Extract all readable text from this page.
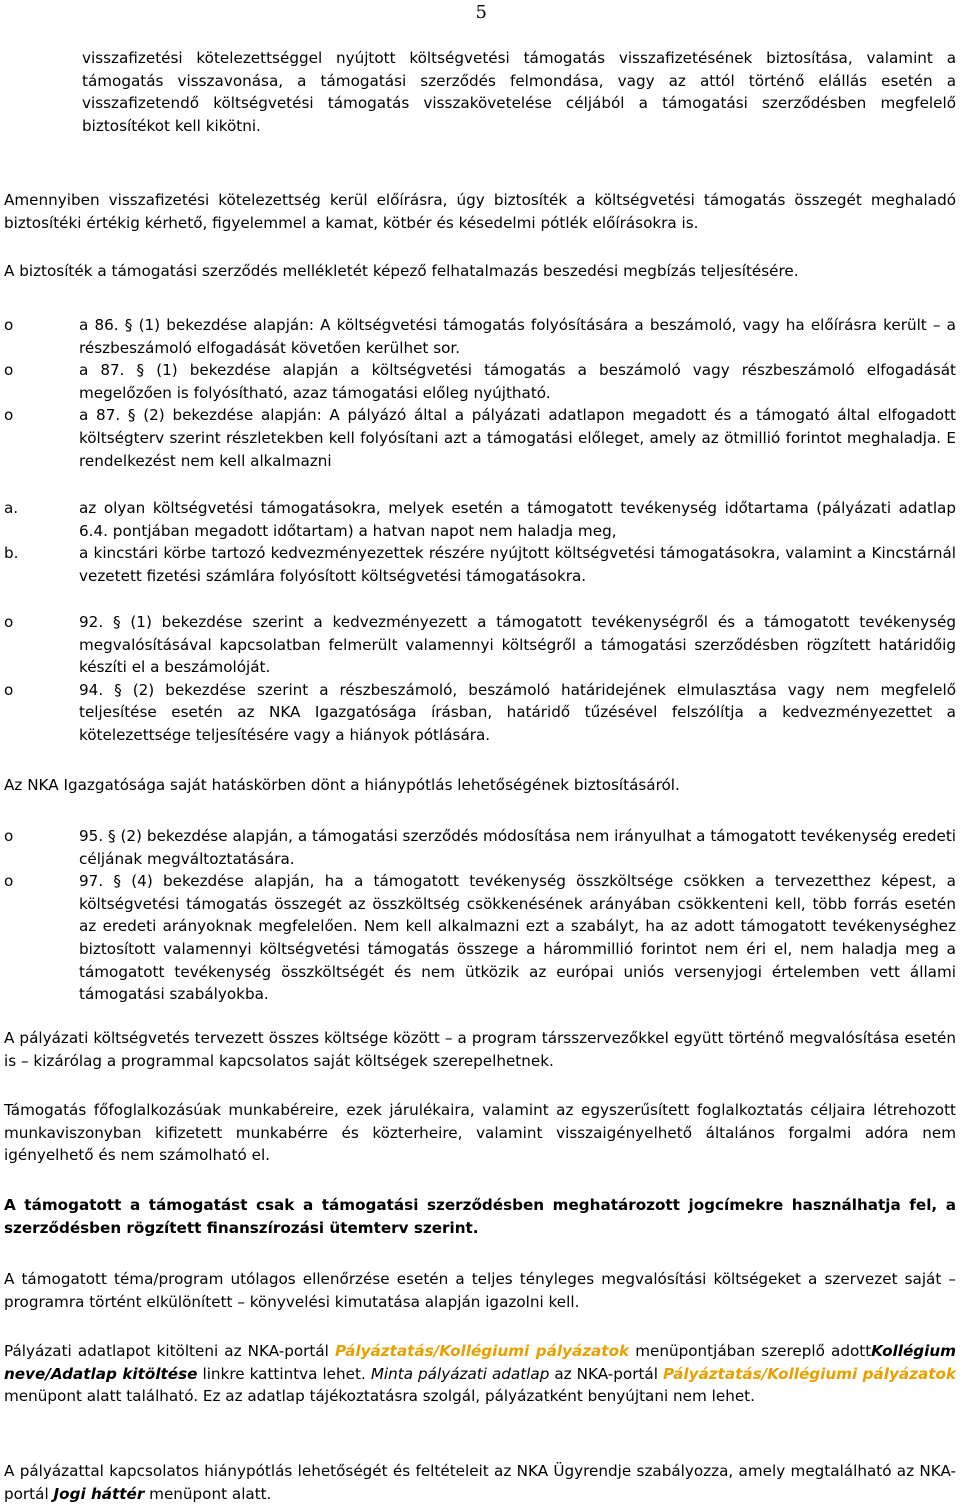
5

visszafizetési kötelezettséggel nyújtott költségvetési támogatás visszafizetésének biztosítása, valamint a támogatás visszavonása, a támogatási szerződés felmondása, vagy az attól történő elállás esetén a visszafizetendő költségvetési támogatás visszakövetelése céljából a támogatási szerződésben megfelelő biztosítékot kell kikötni.

Amennyiben visszafizetési kötelezettség kerül előírásra, úgy biztosíték a költségvetési támogatás összegét meghaladó biztosítéki értékig kérhető, figyelemmel a kamat, kötbér és késedelmi pótlék előírásokra is.

A biztosíték a támogatási szerződés mellékletét képező felhatalmazás beszedési megbízás teljesítésére.

o	a 86. § (1) bekezdése alapján: A költségvetési támogatás folyósítására a beszámoló, vagy ha előírásra került – a részbeszámoló elfogadását követően kerülhet sor.
o	a 87. § (1) bekezdése alapján a költségvetési támogatás a beszámoló vagy részbeszámoló elfogadását megelőzően is folyósítható, azaz támogatási előleg nyújtható.
o	a 87. § (2) bekezdése alapján: A pályázó által a pályázati adatlapon megadott és a támogató által elfogadott költségterv szerint részletekben kell folyósítani azt a támogatási előleget, amely az ötmillió forintot meghaladja. E rendelkezést nem kell alkalmazni
a.	az olyan költségvetési támogatásokra, melyek esetén a támogatott tevékenység időtartama (pályázati adatlap 6.4. pontjában megadott időtartam) a hatvan napot nem haladja meg,
b.	a kincstári körbe tartozó kedvezményezettek részére nyújtott költségvetési támogatásokra, valamint a Kincstárnál vezetett fizetési számlára folyósított költségvetési támogatásokra.
o	92. § (1) bekezdése szerint a kedvezményezett a támogatott tevékenységről és a támogatott tevékenység megvalósításával kapcsolatban felmerült valamennyi költségről a támogatási szerződésben rögzített határidőig készíti el a beszámolóját.
o	94. § (2) bekezdése szerint a részbeszámoló, beszámoló határidejének elmulasztása vagy nem megfelelő teljesítése esetén az NKA Igazgatósága írásban, határidő tűzésével felszólítja a kedvezményezettet a kötelezettsége teljesítésére vagy a hiányok pótlására.

Az NKA Igazgatósága saját hatáskörben dönt a hiánypótlás lehetőségének biztosításáról.

o	95. § (2) bekezdése alapján, a támogatási szerződés módosítása nem irányulhat a támogatott tevékenység eredeti céljának megváltoztatására.
o	97. § (4) bekezdése alapján, ha a támogatott tevékenység összköltsége csökken a tervezetthez képest, a költségvetési támogatás összegét az összköltség csökkenésének arányában csökkenteni kell, több forrás esetén az eredeti arányoknak megfelelően. Nem kell alkalmazni ezt a szabályt, ha az adott támogatott tevékenységhez biztosított valamennyi költségvetési támogatás összege a hárommillió forintot nem éri el, nem haladja meg a támogatott tevékenység összköltségét és nem ütközik az európai uniós versenyjogi értelemben vett állami támogatási szabályokba.

A pályázati költségvetés tervezett összes költsége között – a program társszervezőkkel együtt történő megvalósítása esetén is – kizárólag a programmal kapcsolatos saját költségek szerepelhetnek.

Támogatás főfoglalkozásúak munkabéreire, ezek járulékaira, valamint az egyszerűsített foglalkoztatás céljaira létrehozott munkaviszonyban kifizetett munkabérre és közterheire, valamint visszaigényelhető általános forgalmi adóra nem igényelhető és nem számolható el.

A támogatott a támogatást csak a támogatási szerződésben meghatározott jogcímekre használhatja fel, a szerződésben rögzített finanszírozási ütemterv szerint.

A támogatott téma/program utólagos ellenőrzése esetén a teljes tényleges megvalósítási költségeket a szervezet saját – programra történt elkülönített – könyvelési kimutatása alapján igazolni kell.

Pályázati adatlapot kitölteni az NKA-portál Pályáztatás/Kollégiumi pályázatok menüpontjában szereplő adottKollégium neve/Adatlap kitöltése linkre kattintva lehet. Minta pályázati adatlap az NKA-portál Pályáztatás/Kollégiumi pályázatok menüpont alatt található. Ez az adatlap tájékoztatásra szolgál, pályázatként benyújtani nem lehet.

A pályázattal kapcsolatos hiánypótlás lehetőségét és feltételeit az NKA Ügyrendje szabályozza, amely megtalálható az NKA-portál Jogi háttér menüpont alatt.
